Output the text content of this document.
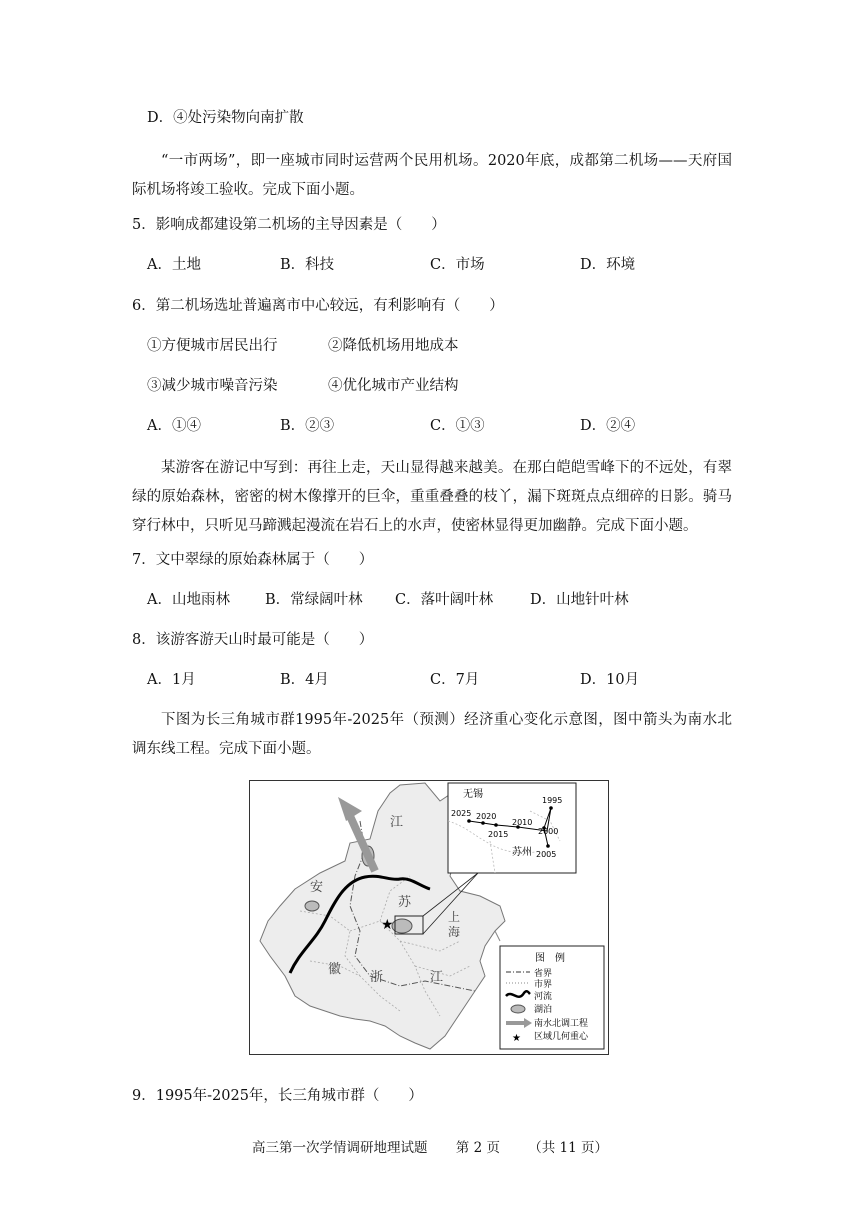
D．④处污染物向南扩散
“一市两场”，即一座城市同时运营两个民用机场。2020年底，成都第二机场——天府国际机场将竣工验收。完成下面小题。
5．影响成都建设第二机场的主导因素是（　　）
A．土地	B．科技	C．市场	D．环境
6．第二机场选址普遍离市中心较远，有利影响有（　　）
①方便城市居民出行	②降低机场用地成本
③减少城市噪音污染	④优化城市产业结构
A．①④	B．②③	C．①③	D．②④
某游客在游记中写到：再往上走，天山显得越来越美。在那白皑皑雪峰下的不远处，有翠绿的原始森林，密密的树木像撑开的巨伞，重重叠叠的枝丫，漏下斑斑点点细碎的日影。骑马穿行林中，只听见马蹄溅起漫流在岩石上的水声，使密林显得更加幽静。完成下面小题。
7．文中翠绿的原始森林属于（　　）
A．山地雨林 B．常绿阔叶林 C．落叶阔叶林	D．山地针叶林
8．该游客游天山时最可能是（　　）
A．1月	B．4月	C．7月	D．10月
下图为长三角城市群1995年-2025年（预测）经济重心变化示意图，图中箭头为南水北调东线工程。完成下面小题。
★
江
苏
安
徽
浙	江
上
海
无锡
苏州
1995
2000
2005
2010
2015
2020
2025
图　例
省界
市界
河流
湖泊
南水北调工程
★ 区域几何重心
9．1995年-2025年，长三角城市群（　　）
高三第一次学情调研地理试题 第 2 页 （共 11 页）
